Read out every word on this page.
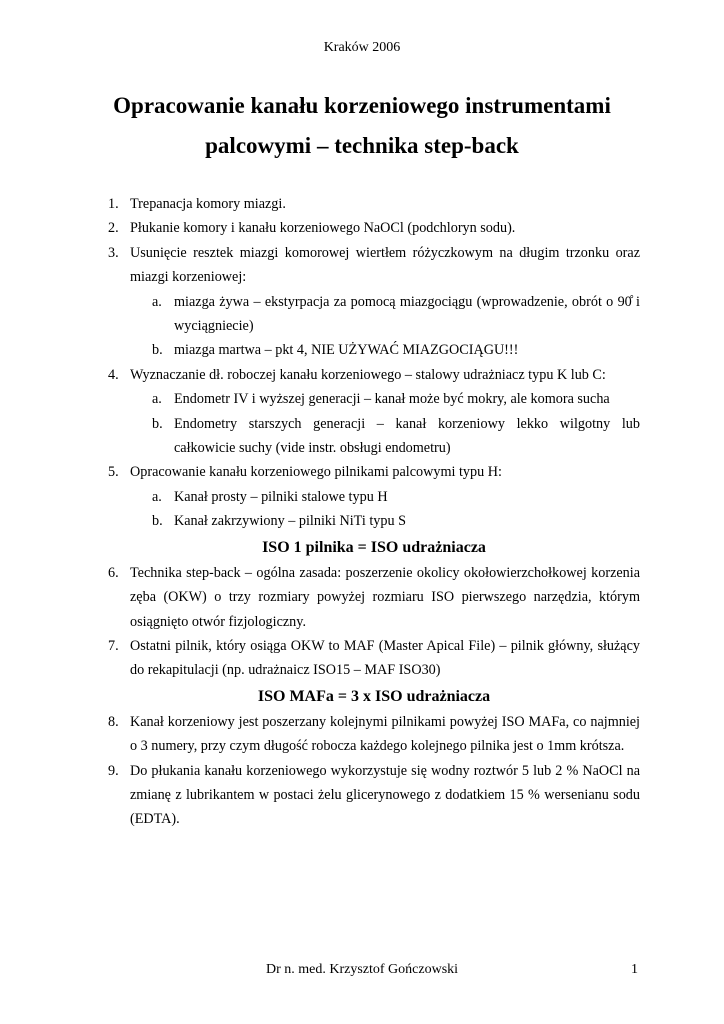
Kraków 2006
Opracowanie kanału korzeniowego instrumentami
palcowymi – technika step-back
1. Trepanacja komory miazgi.
2. Płukanie komory i kanału korzeniowego NaOCl (podchloryn sodu).
3. Usunięcie resztek miazgi komorowej wiertłem różyczkowym na długim trzonku oraz miazgi korzeniowej:
a. miazga żywa – ekstyrpacja za pomocą miazgociągu (wprowadzenie, obrót o 90̊ i wyciągniecie)
b. miazga martwa – pkt 4, NIE UŻYWAĆ MIAZGOCIĄGU!!!
4. Wyznaczanie dł. roboczej kanału korzeniowego – stalowy udrażniacz typu K lub C:
a. Endometr IV i wyższej generacji – kanał może być mokry, ale komora sucha
b. Endometry starszych generacji – kanał korzeniowy lekko wilgotny lub całkowicie suchy (vide instr. obsługi endometru)
5. Opracowanie kanału korzeniowego pilnikami palcowymi typu H:
a. Kanał prosty – pilniki stalowe typu H
b. Kanał zakrzywiony – pilniki NiTi typu S
ISO 1 pilnika = ISO udrażniacza
6. Technika step-back – ogólna zasada: poszerzenie okolicy okołowierzchołkowej korzenia zęba (OKW) o trzy rozmiary powyżej rozmiaru ISO pierwszego narzędzia, którym osiągnięto otwór fizjologiczny.
7. Ostatni pilnik, który osiąga OKW to MAF (Master Apical File) – pilnik główny, służący do rekapitulacji (np. udrażnaicz ISO15 – MAF ISO30)
ISO MAFa = 3 x ISO udrażniacza
8. Kanał korzeniowy jest poszerzany kolejnymi pilnikami powyżej ISO MAFa, co najmniej o 3 numery, przy czym długość robocza każdego kolejnego pilnika jest o 1mm krótsza.
9. Do płukania kanału korzeniowego wykorzystuje się wodny roztwór 5 lub 2 % NaOCl na zmianę z lubrikantem w postaci żelu glicerynowego z dodatkiem 15 % wersenianu sodu (EDTA).
Dr n. med. Krzysztof Gończowski	1
